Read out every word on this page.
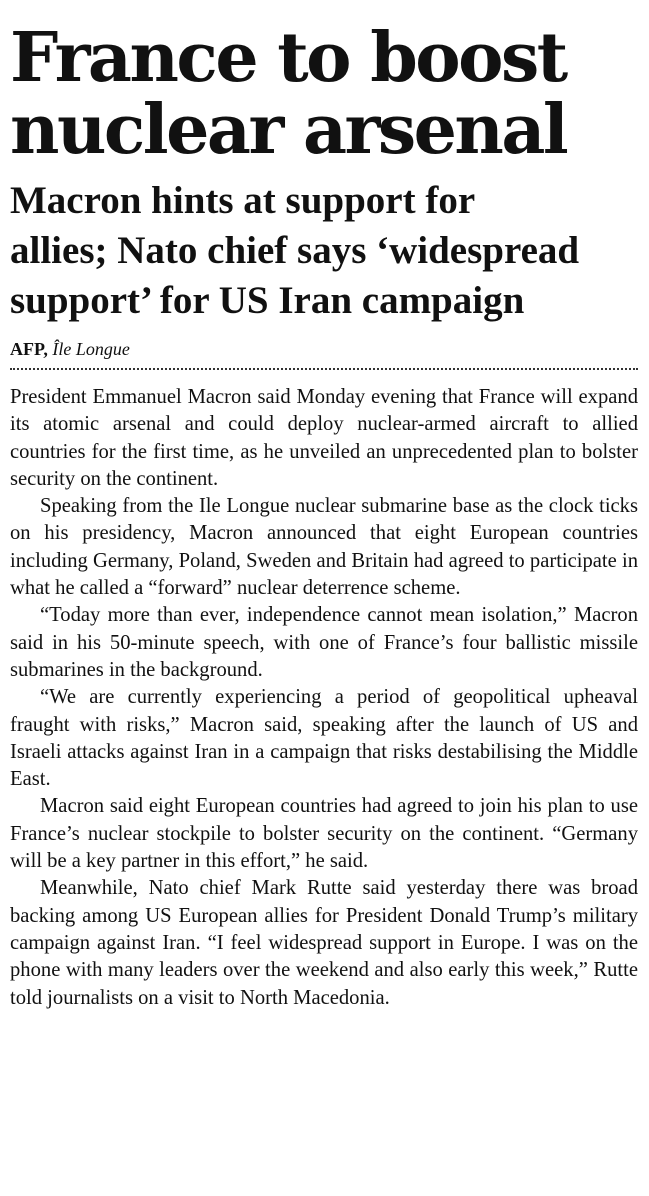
France to boost
nuclear arsenal
Macron hints at support for
allies; Nato chief says ‘widespread
support’ for US Iran campaign
AFP, Île Longue

President Emmanuel Macron said Monday evening that France will expand its atomic arsenal and could deploy nuclear-armed aircraft to allied countries for the first time, as he unveiled an unprecedented plan to bolster security on the continent.

Speaking from the Ile Longue nuclear submarine base as the clock ticks on his presidency, Macron announced that eight European countries including Germany, Poland, Sweden and Britain had agreed to participate in what he called a “forward” nuclear deterrence scheme.

“Today more than ever, independence cannot mean isolation,” Macron said in his 50-minute speech, with one of France’s four ballistic missile submarines in the background.

“We are currently experiencing a period of geopolitical upheaval fraught with risks,” Macron said, speaking after the launch of US and Israeli attacks against Iran in a campaign that risks destabilising the Middle East.

Macron said eight European countries had agreed to join his plan to use France’s nuclear stockpile to bolster security on the continent. “Germany will be a key partner in this effort,” he said.

Meanwhile, Nato chief Mark Rutte said yesterday there was broad backing among US European allies for President Donald Trump’s military campaign against Iran. “I feel widespread support in Europe. I was on the phone with many leaders over the weekend and also early this week,” Rutte told journalists on a visit to North Macedonia.
